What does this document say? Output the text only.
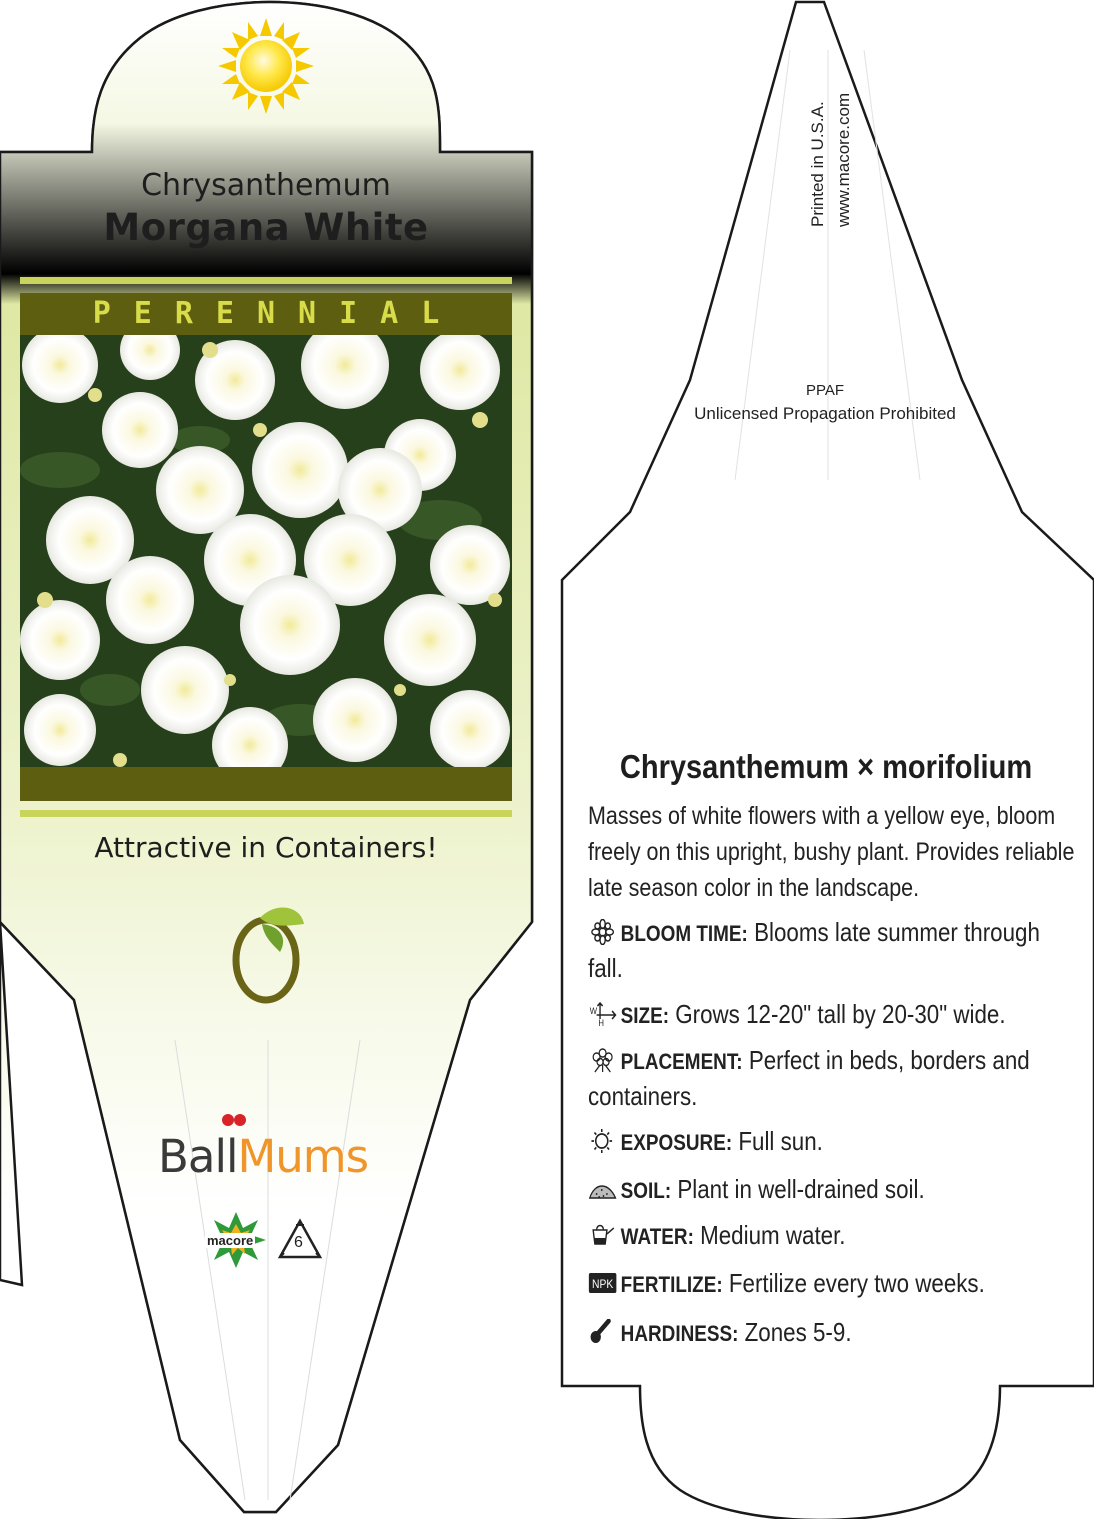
Chrysanthemum
Morgana White
PERENNIAL
Attractive in Containers!
BallMums
macore	6
Printed in U.S.A. www.macore.com
PPAF
Unlicensed Propagation Prohibited
Chrysanthemum × morifolium
Masses of white flowers with a yellow eye, bloom freely on this upright, bushy plant. Provides reliable late season color in the landscape.
BLOOM TIME: Blooms late summer through fall.
W
H SIZE: Grows 12-20" tall by 20-30" wide.
PLACEMENT: Perfect in beds, borders and containers.
EXPOSURE: Full sun.
SOIL: Plant in well-drained soil.
WATER: Medium water.
NPK FERTILIZE: Fertilize every two weeks.
HARDINESS: Zones 5-9.
